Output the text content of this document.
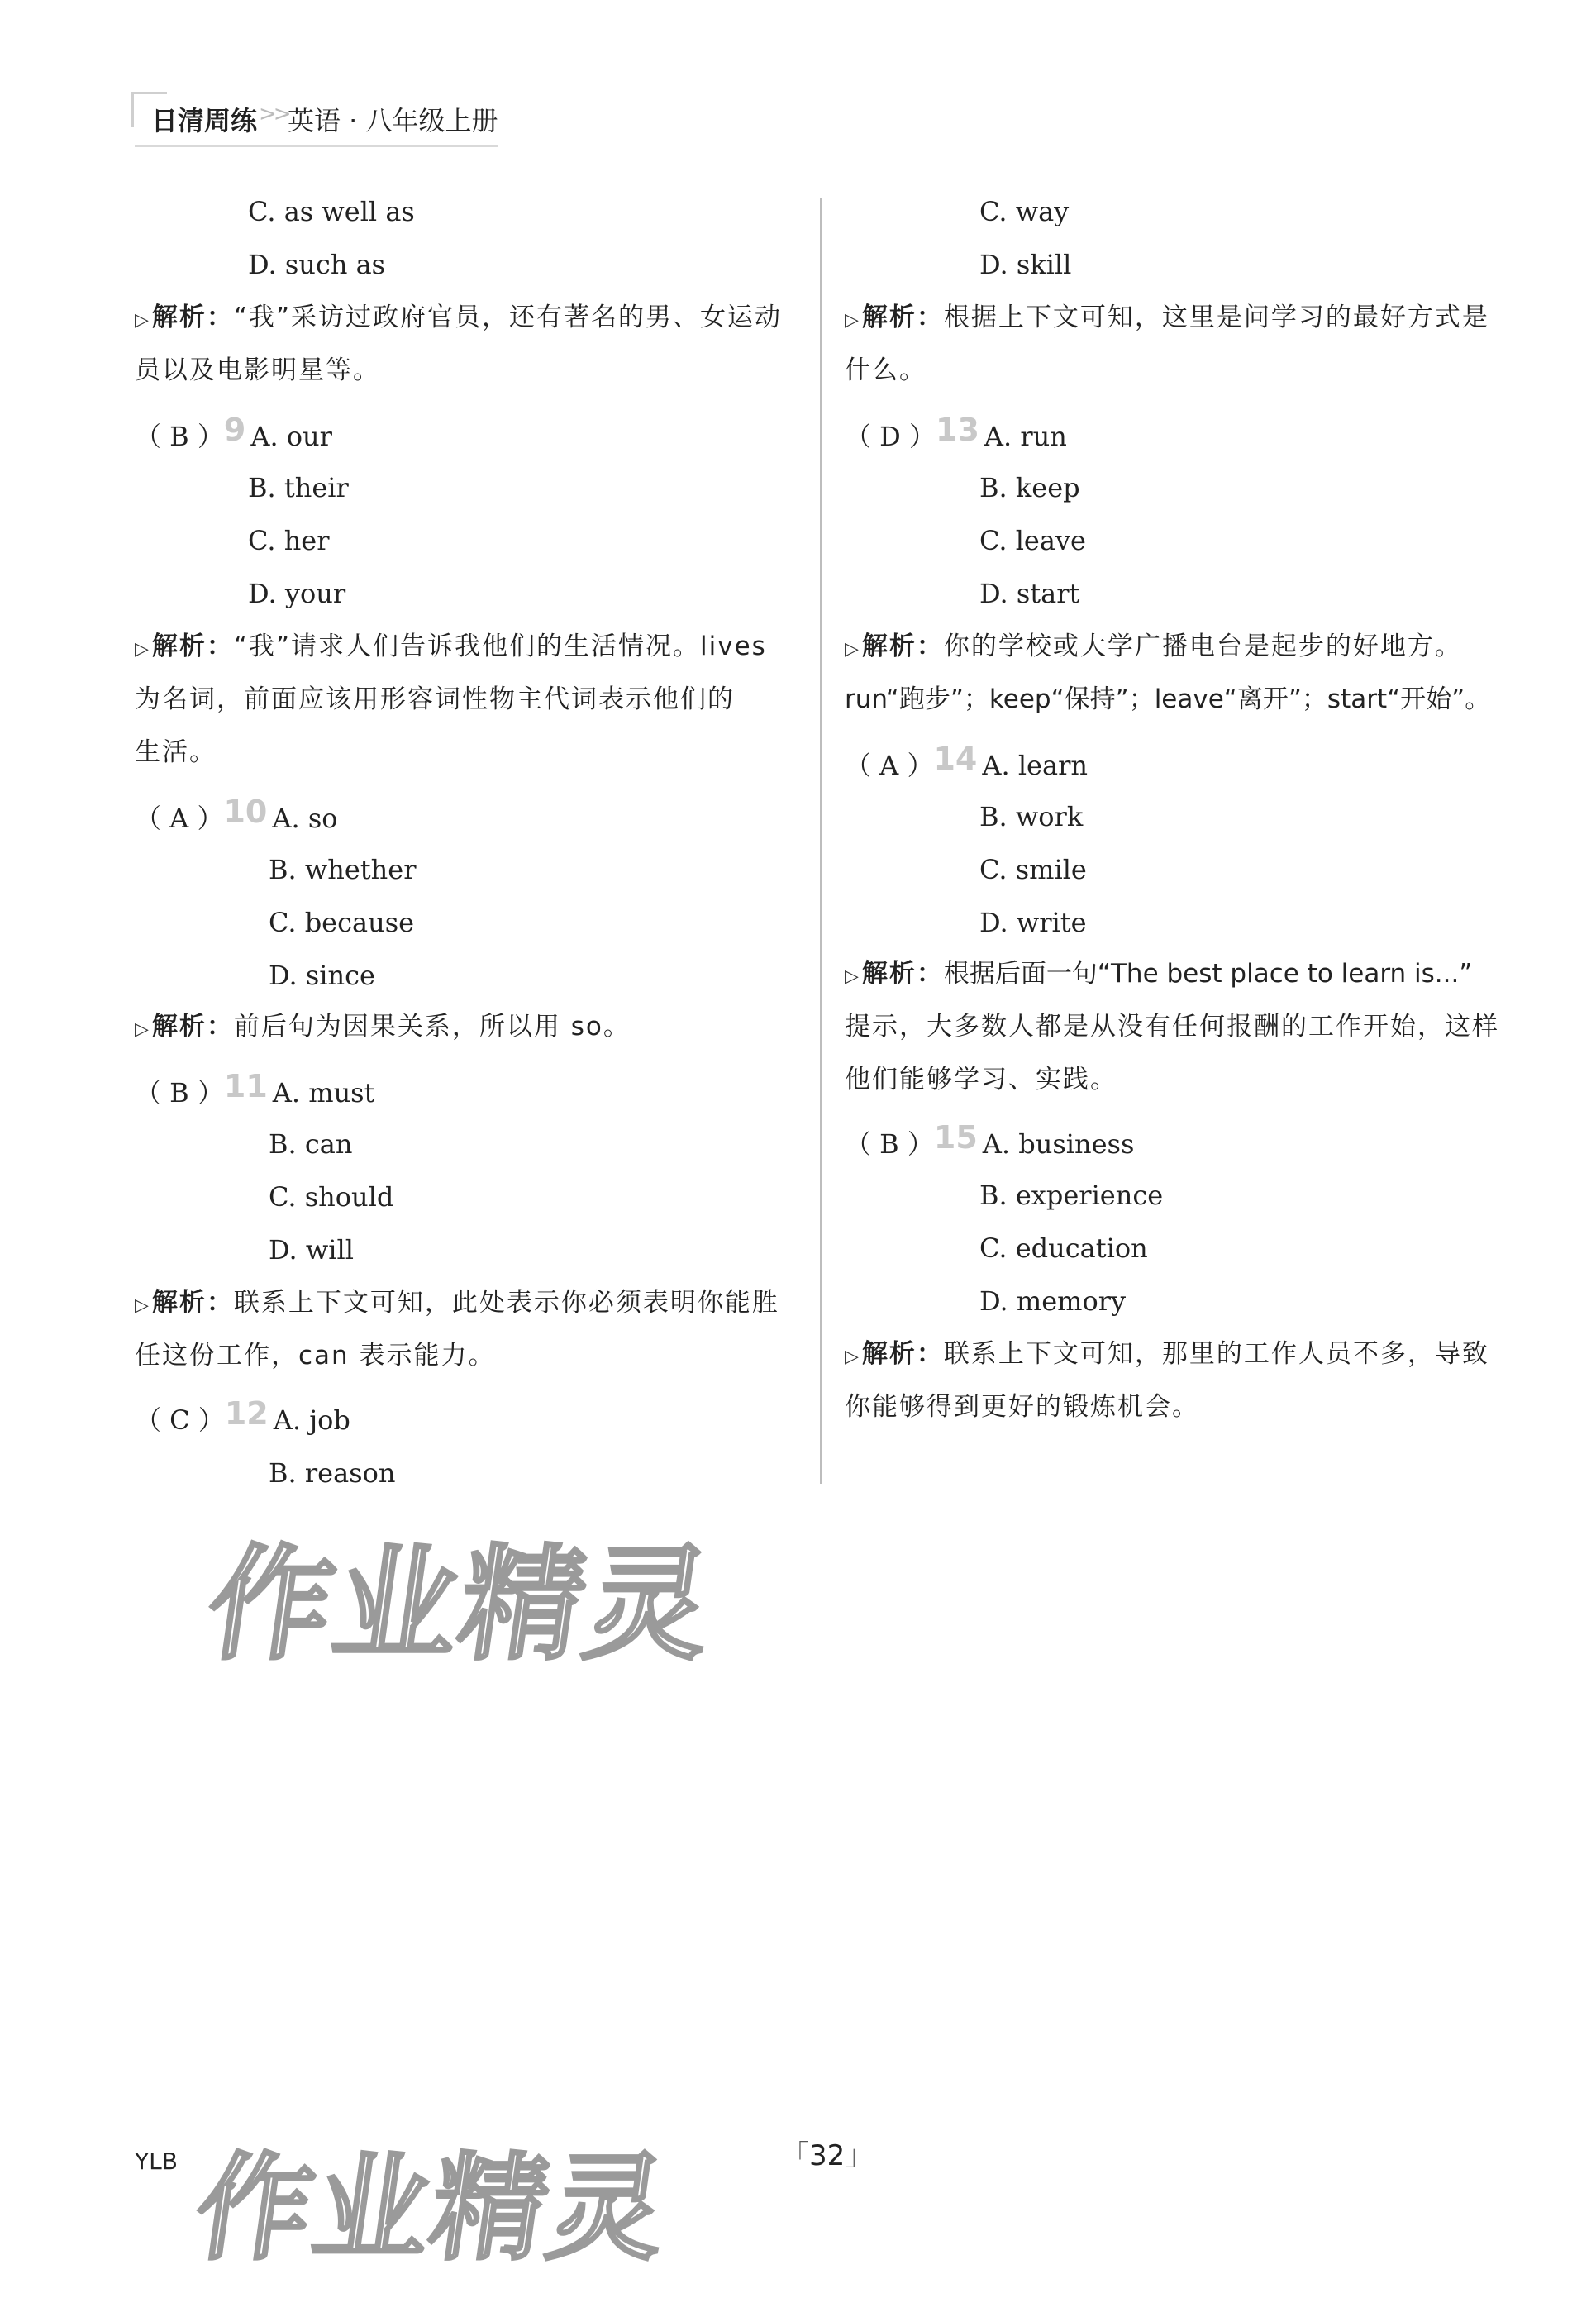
日清周练 >> 英语 · 八年级上册
C. as well as
D. such as
▷解析：“我”采访过政府官员，还有著名的男、女运动
员以及电影明星等。
（ B ）9 A. our
B. their
C. her
D. your
▷解析：“我”请求人们告诉我他们的生活情况。lives
为名词，前面应该用形容词性物主代词表示他们的
生活。
（ A ）10 A. so
B. whether
C. because
D. since
▷解析：前后句为因果关系，所以用 so。
（ B ）11 A. must
B. can
C. should
D. will
▷解析：联系上下文可知，此处表示你必须表明你能胜
任这份工作，can 表示能力。
（ C ）12 A. job
B. reason
C. way
D. skill
▷解析：根据上下文可知，这里是问学习的最好方式是
什么。
（ D ）13 A. run
B. keep
C. leave
D. start
▷解析：你的学校或大学广播电台是起步的好地方。
run“跑步”；keep“保持”；leave“离开”；start“开始”。
（ A ）14 A. learn
B. work
C. smile
D. write
▷解析：根据后面一句“The best place to learn is...”
提示，大多数人都是从没有任何报酬的工作开始，这样
他们能够学习、实践。
（ B ）15 A. business
B. experience
C. education
D. memory
▷解析：联系上下文可知，那里的工作人员不多，导致
你能够得到更好的锻炼机会。
作业精灵
作业精灵
YLB	「32」
